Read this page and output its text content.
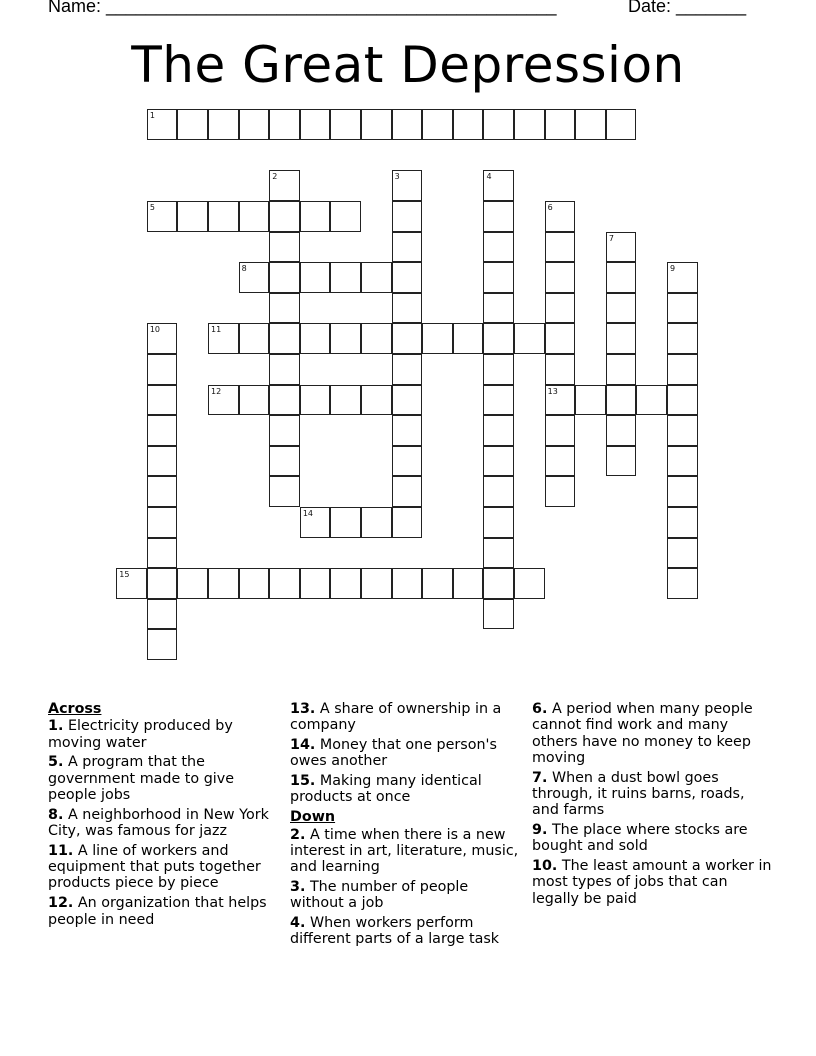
Name: _____________________________________________

	Date: _______

The Great Depression
1
2	3	4
5	6
13
7
8	9
10	11
12
14
15
Across
1. Electricity produced by moving water
5. A program that the government made to give people jobs
8. A neighborhood in New York City, was famous for jazz
11. A line of workers and equipment that puts together products piece by piece
12. An organization that helps people in need
13. A share of ownership in a company
14. Money that one person's owes another
15. Making many identical products at once
Down
2. A time when there is a new interest in art, literature, music, and learning
3. The number of people without a job
4. When workers perform different parts of a large task
6. A period when many people cannot find work and many others have no money to keep moving
7. When a dust bowl goes through, it ruins barns, roads, and farms
9. The place where stocks are bought and sold
10. The least amount a worker in most types of jobs that can legally be paid
